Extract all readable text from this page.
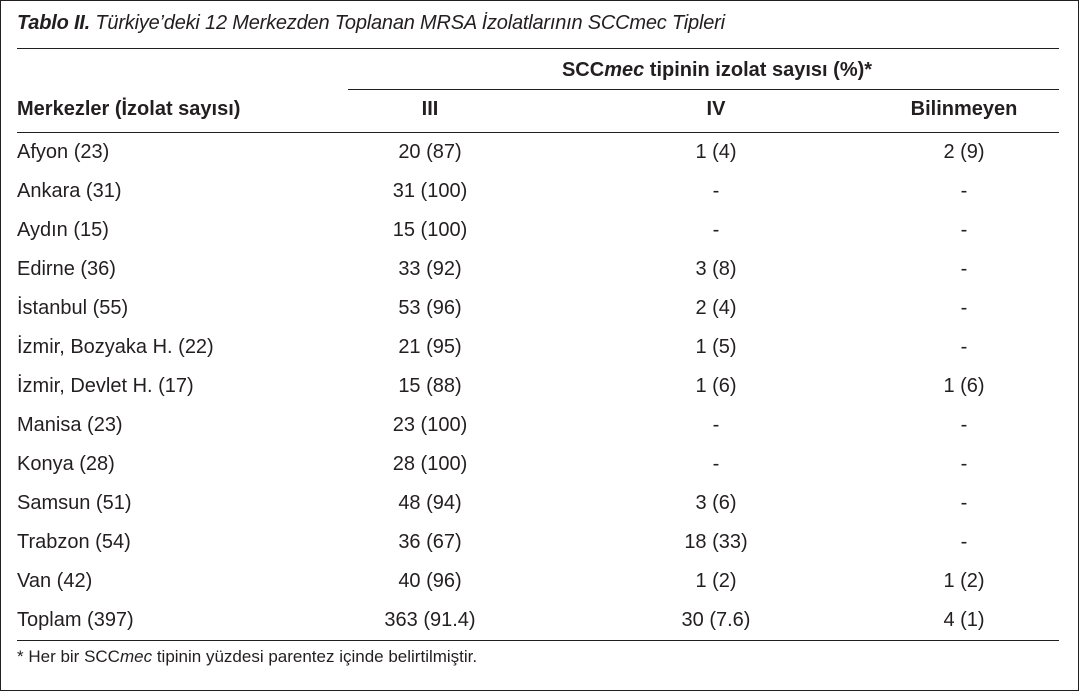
Tablo II. Türkiye’deki 12 Merkezden Toplanan MRSA İzolatlarının SCCmec Tipleri
SCCmec tipinin izolat sayısı (%)*
Merkezler (İzolat sayısı)	III	IV	Bilinmeyen
Afyon (23)	20 (87)	1 (4)	2 (9)
Ankara (31)	31 (100)	-	-
Aydın (15)	15 (100)	-	-
Edirne (36)	33 (92)	3 (8)	-
İstanbul (55)	53 (96)	2 (4)	-
İzmir, Bozyaka H. (22)	21 (95)	1 (5)	-
İzmir, Devlet H. (17)	15 (88)	1 (6)	1 (6)
Manisa (23)	23 (100)	-	-
Konya (28)	28 (100)	-	-
Samsun (51)	48 (94)	3 (6)	-
Trabzon (54)	36 (67)	18 (33)	-
Van (42)	40 (96)	1 (2)	1 (2)
Toplam (397)	363 (91.4)	30 (7.6)	4 (1)
* Her bir SCCmec tipinin yüzdesi parentez içinde belirtilmiştir.
